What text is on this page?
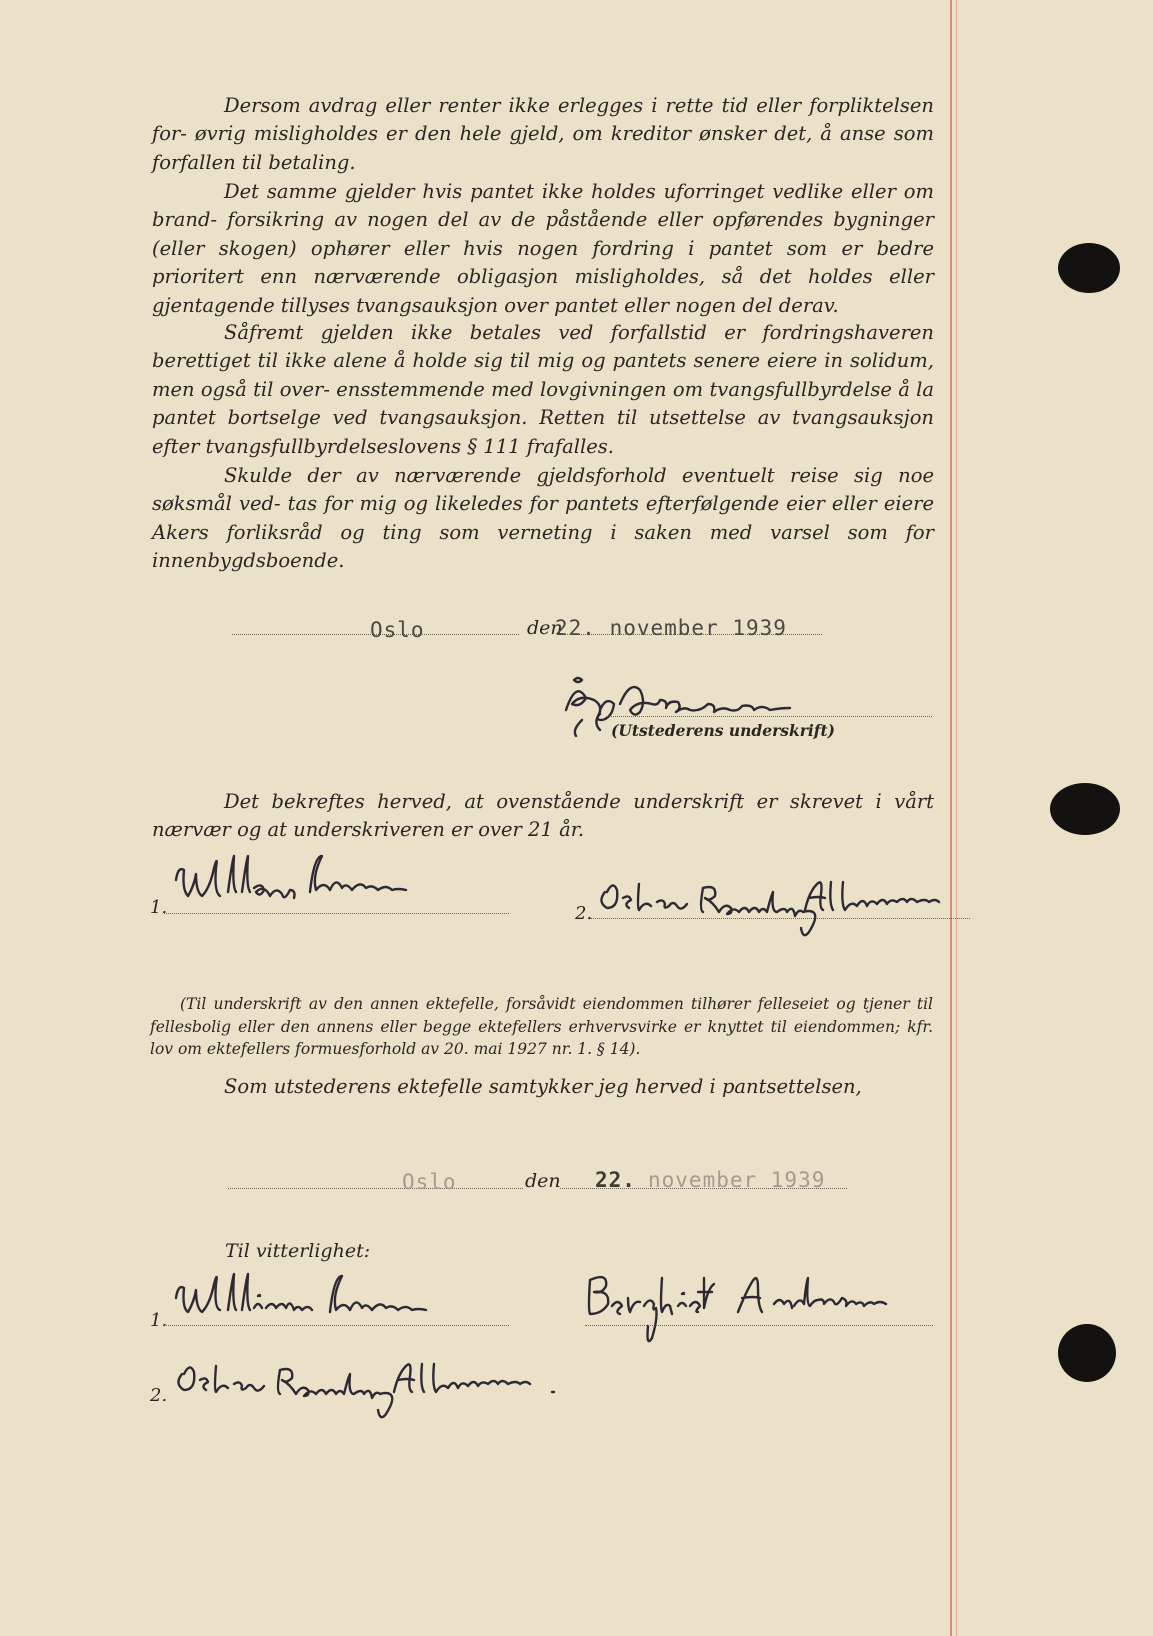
Dersom avdrag eller renter ikke erlegges i rette tid eller forpliktelsen for- øvrig misligholdes er den hele gjeld, om kreditor ønsker det, å anse som forfallen til betaling.

Det samme gjelder hvis pantet ikke holdes uforringet vedlike eller om brand- forsikring av nogen del av de påstående eller opførendes bygninger (eller skogen) ophører eller hvis nogen fordring i pantet som er bedre prioritert enn nærværende obligasjon misligholdes, så det holdes eller gjentagende tillyses tvangsauksjon over pantet eller nogen del derav.

Såfremt gjelden ikke betales ved forfallstid er fordringshaveren berettiget til ikke alene å holde sig til mig og pantets senere eiere in solidum, men også til over- ensstemmende med lovgivningen om tvangsfullbyrdelse å la pantet bortselge ved tvangsauksjon. Retten til utsettelse av tvangsauksjon efter tvangsfullbyrdelseslovens § 111 frafalles.

Skulde der av nærværende gjeldsforhold eventuelt reise sig noe søksmål ved- tas for mig og likeledes for pantets efterfølgende eier eller eiere Akers forliksråd og ting som verneting i saken med varsel som for innenbygdsboende.

Oslo	den
22. november 1939
(Utstederens underskrift)

Det bekreftes herved, at ovenstående underskrift er skrevet i vårt nærvær og at underskriveren er over 21 år.

1.	2.

(Til underskrift av den annen ektefelle, forsåvidt eiendommen tilhører felleseiet og tjener til fellesbolig eller den annens eller begge ektefellers erhvervsvirke er knyttet til eiendommen; kfr. lov om ektefellers formuesforhold av 20. mai 1927 nr. 1. § 14).

Som utstederens ektefelle samtykker jeg herved i pantsettelsen,

Oslo	den 22. november 1939
Til vitterlighet:
1.
2.
